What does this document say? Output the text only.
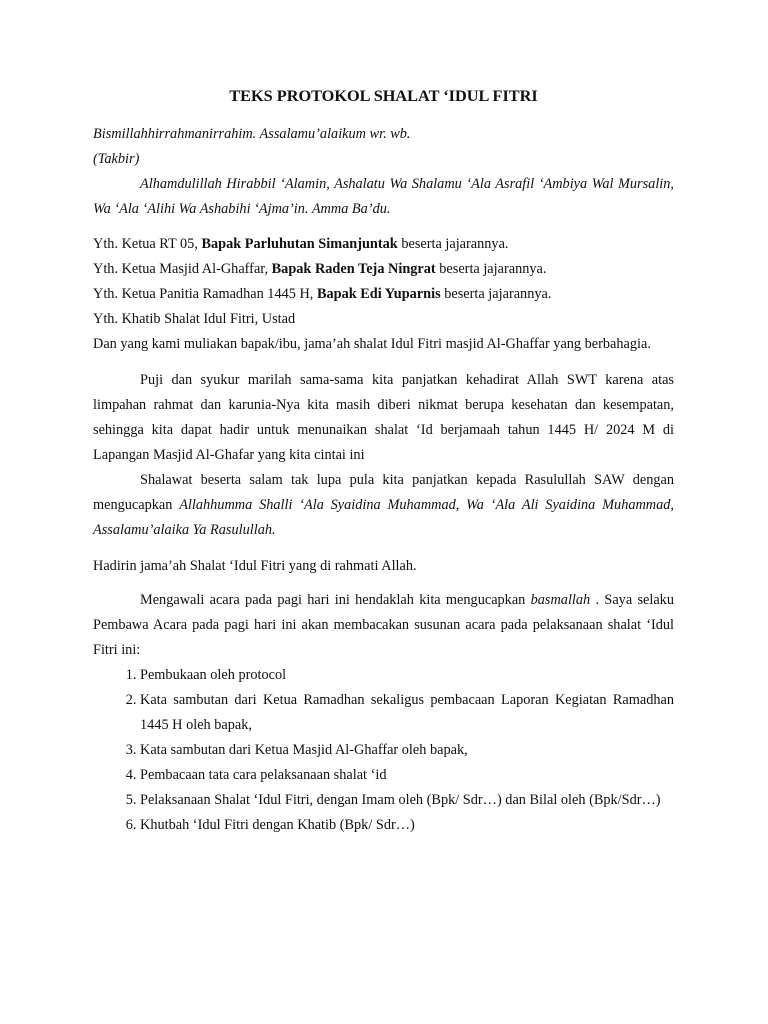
TEKS PROTOKOL SHALAT ‘IDUL FITRI

Bismillahhirrahmanirrahim. Assalamu’alaikum wr. wb.

(Takbir)

Alhamdulillah Hirabbil ‘Alamin, Ashalatu Wa Shalamu ‘Ala Asrafil ‘Ambiya Wal Mursalin, Wa ‘Ala ‘Alihi Wa Ashabihi ‘Ajma’in. Amma Ba’du.

Yth. Ketua RT 05, Bapak Parluhutan Simanjuntak beserta jajarannya.

Yth. Ketua Masjid Al-Ghaffar, Bapak Raden Teja Ningrat beserta jajarannya.

Yth. Ketua Panitia Ramadhan 1445 H, Bapak Edi Yuparnis beserta jajarannya.

Yth. Khatib Shalat Idul Fitri, Ustad

Dan yang kami muliakan bapak/ibu, jama’ah shalat Idul Fitri masjid Al-Ghaffar yang berbahagia.

Puji dan syukur marilah sama-sama kita panjatkan kehadirat Allah SWT karena atas limpahan rahmat dan karunia-Nya kita masih diberi nikmat berupa kesehatan dan kesempatan, sehingga kita dapat hadir untuk menunaikan shalat ‘Id berjamaah tahun 1445 H/ 2024 M di Lapangan Masjid Al-Ghafar yang kita cintai ini

Shalawat beserta salam tak lupa pula kita panjatkan kepada Rasulullah SAW dengan mengucapkan Allahhumma Shalli ‘Ala Syaidina Muhammad, Wa ‘Ala Ali Syaidina Muhammad, Assalamu’alaika Ya Rasulullah.

Hadirin jama’ah Shalat ‘Idul Fitri yang di rahmati Allah.

Mengawali acara pada pagi hari ini hendaklah kita mengucapkan basmallah . Saya selaku Pembawa Acara pada pagi hari ini akan membacakan susunan acara pada pelaksanaan shalat ‘Idul Fitri ini:

1. Pembukaan oleh protocol
2. Kata sambutan dari Ketua Ramadhan sekaligus pembacaan Laporan Kegiatan Ramadhan 1445 H oleh bapak,
3. Kata sambutan dari Ketua Masjid Al-Ghaffar oleh bapak,
4. Pembacaan tata cara pelaksanaan shalat ‘id
5. Pelaksanaan Shalat ‘Idul Fitri, dengan Imam oleh (Bpk/ Sdr…) dan Bilal oleh (Bpk/Sdr…)
6. Khutbah ‘Idul Fitri dengan Khatib (Bpk/ Sdr…)
